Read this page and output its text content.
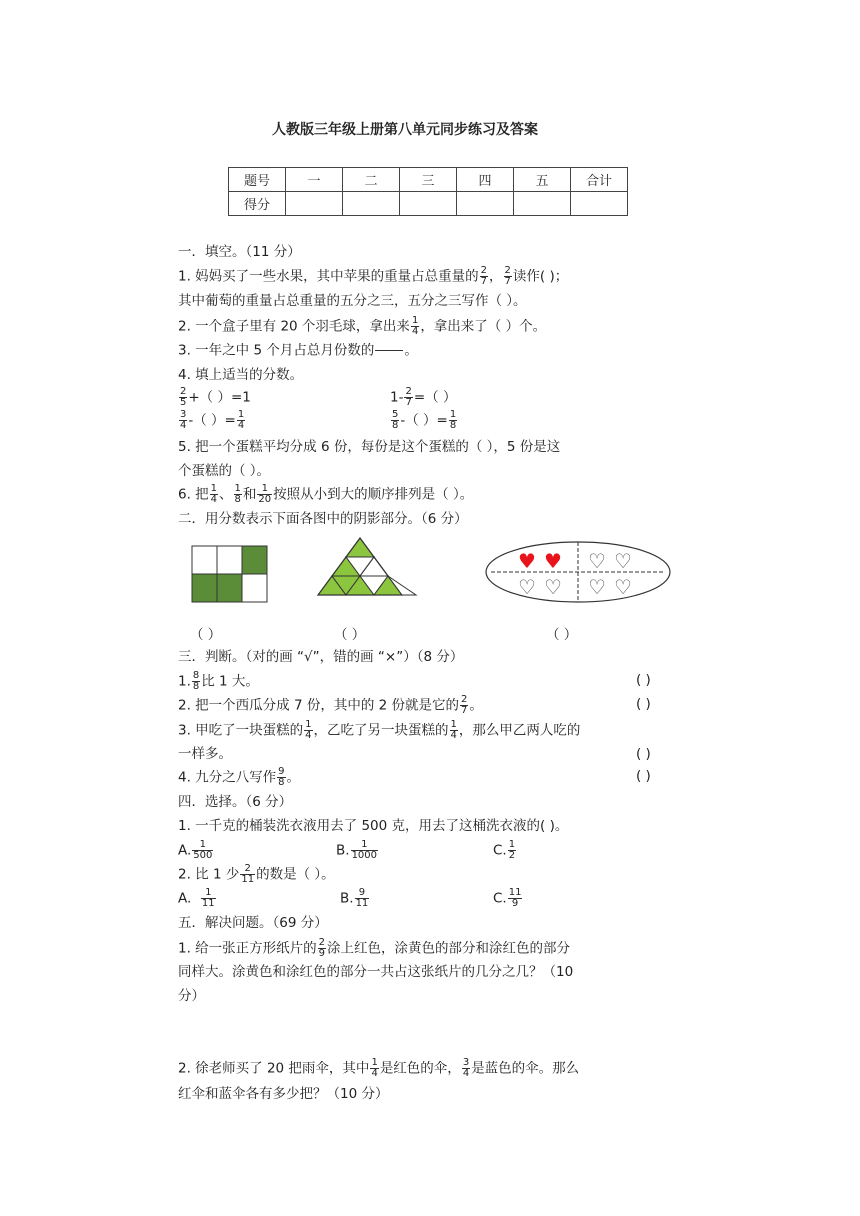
人教版三年级上册第八单元同步练习及答案
题号	一	二	三	四	五	合计
得分						
一．填空。（11 分）
1. 妈妈买了一些水果，其中苹果的重量占总重量的 $\frac{2}{7}$ ， $\frac{2}{7}$ 读作( )；
其中葡萄的重量占总重量的五分之三，五分之三写作（ ）。
2. 一个盒子里有 20 个羽毛球，拿出来 $\frac{1}{4}$ ，拿出来了（ ）个。
3. 一年之中 5 个月占总月份数的 。
4. 填上适当的分数。
$\frac{2}{5}$ +（ ）=1	$1- \frac{2}{7}$ =（ ）
$\frac{3}{4}$ -（ ）= $\frac{1}{4}$	$\frac{5}{8}$ -（ ）= $\frac{1}{8}$
5. 把一个蛋糕平均分成 6 份，每份是这个蛋糕的（ ），5 份是这
个蛋糕的（ ）。
6. 把 $\frac{1}{4}$ 、 $\frac{1}{8}$ 和 $\frac{1}{20}$ 按照从小到大的顺序排列是（ ）。
二．用分数表示下面各图中的阴影部分。（6 分）
♥ ♥
♡ ♡
♡ ♡
♡ ♡
（ ）	（ ）	（ ）
三．判断。（对的画 “√”，错的画 “×”）（8 分）
1. $\frac{8}{8}$ 比 1 大。	( )
2. 把一个西瓜分成 7 份，其中的 2 份就是它的 $\frac{2}{7}$ 。	( )
3. 甲吃了一块蛋糕的 $\frac{1}{4}$ ，乙吃了另一块蛋糕的 $\frac{1}{4}$ ，那么甲乙两人吃的
一样多。	( )
4. 九分之八写作 $\frac{9}{8}$ 。	( )
四．选择。（6 分）
1. 一千克的桶装洗衣液用去了 500 克，用去了这桶洗衣液的( )。
A. $\frac{1}{500}$	B. $\frac{1}{1000}$	C. $\frac{1}{2}$
2. 比 1 少 $\frac{2}{11}$ 的数是（ ）。
A. $\frac{1}{11}$	B. $\frac{9}{11}$	C. $\frac{11}{9}$
五．解决问题。（69 分）
1. 给一张正方形纸片的 $\frac{2}{9}$ 涂上红色，涂黄色的部分和涂红色的部分
同样大。涂黄色和涂红色的部分一共占这张纸片的几分之几？（10
分）
2. 徐老师买了 20 把雨伞，其中 $\frac{1}{4}$ 是红色的伞， $\frac{3}{4}$ 是蓝色的伞。那么
红伞和蓝伞各有多少把？（10 分）
